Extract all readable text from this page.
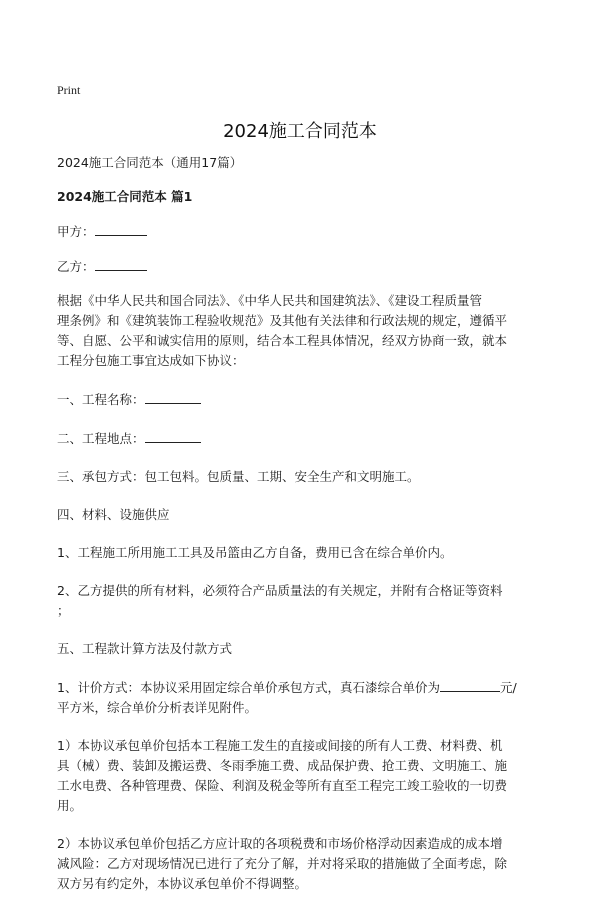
Print
2024施工合同范本

2024施工合同范本（通用17篇）

2024施工合同范本 篇1

甲方：

乙方：

根据《中华人民共和国合同法》、《中华人民共和国建筑法》、《建设工程质量管

理条例》和《建筑装饰工程验收规范》及其他有关法律和行政法规的规定，遵循平

等、自愿、公平和诚实信用的原则，结合本工程具体情况，经双方协商一致，就本

工程分包施工事宜达成如下协议：

一、工程名称：

二、工程地点：

三、承包方式：包工包料。包质量、工期、安全生产和文明施工。

四、材料、设施供应

1、工程施工所用施工工具及吊篮由乙方自备，费用已含在综合单价内。

2、乙方提供的所有材料，必须符合产品质量法的有关规定，并附有合格证等资料

；

五、工程款计算方法及付款方式

1、计价方式：本协议采用固定综合单价承包方式，真石漆综合单价为	元/

平方米，综合单价分析表详见附件。

1）本协议承包单价包括本工程施工发生的直接或间接的所有人工费、材料费、机

具（械）费、装卸及搬运费、冬雨季施工费、成品保护费、抢工费、文明施工、施

工水电费、各种管理费、保险、利润及税金等所有直至工程完工竣工验收的一切费

用。

2）本协议承包单价包括乙方应计取的各项税费和市场价格浮动因素造成的成本增

减风险：乙方对现场情况已进行了充分了解，并对将采取的措施做了全面考虑，除

双方另有约定外，本协议承包单价不得调整。
